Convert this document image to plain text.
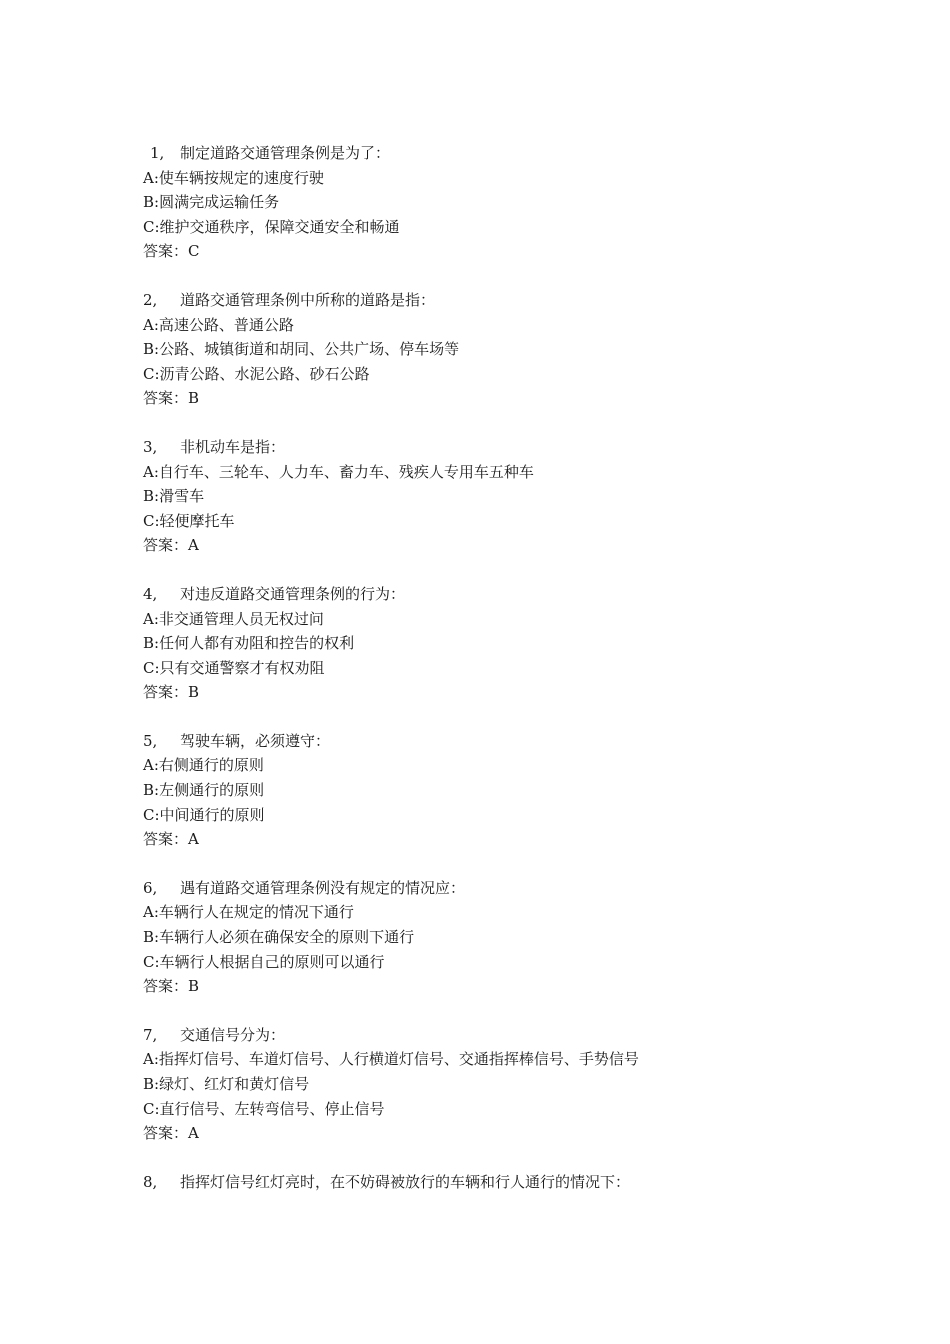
1, 制定道路交通管理条例是为了：
A:使车辆按规定的速度行驶
B:圆满完成运输任务
C:维护交通秩序，保障交通安全和畅通
答案：C
2, 道路交通管理条例中所称的道路是指：
A:高速公路、普通公路
B:公路、城镇街道和胡同、公共广场、停车场等
C:沥青公路、水泥公路、砂石公路
答案：B
3, 非机动车是指：
A:自行车、三轮车、人力车、畜力车、残疾人专用车五种车
B:滑雪车
C:轻便摩托车
答案：A
4, 对违反道路交通管理条例的行为：
A:非交通管理人员无权过问
B:任何人都有劝阻和控告的权利
C:只有交通警察才有权劝阻
答案：B
5, 驾驶车辆，必须遵守：
A:右侧通行的原则
B:左侧通行的原则
C:中间通行的原则
答案：A
6, 遇有道路交通管理条例没有规定的情况应：
A:车辆行人在规定的情况下通行
B:车辆行人必须在确保安全的原则下通行
C:车辆行人根据自己的原则可以通行
答案：B
7, 交通信号分为：
A:指挥灯信号、车道灯信号、人行横道灯信号、交通指挥棒信号、手势信号
B:绿灯、红灯和黄灯信号
C:直行信号、左转弯信号、停止信号
答案：A
8, 指挥灯信号红灯亮时，在不妨碍被放行的车辆和行人通行的情况下：
